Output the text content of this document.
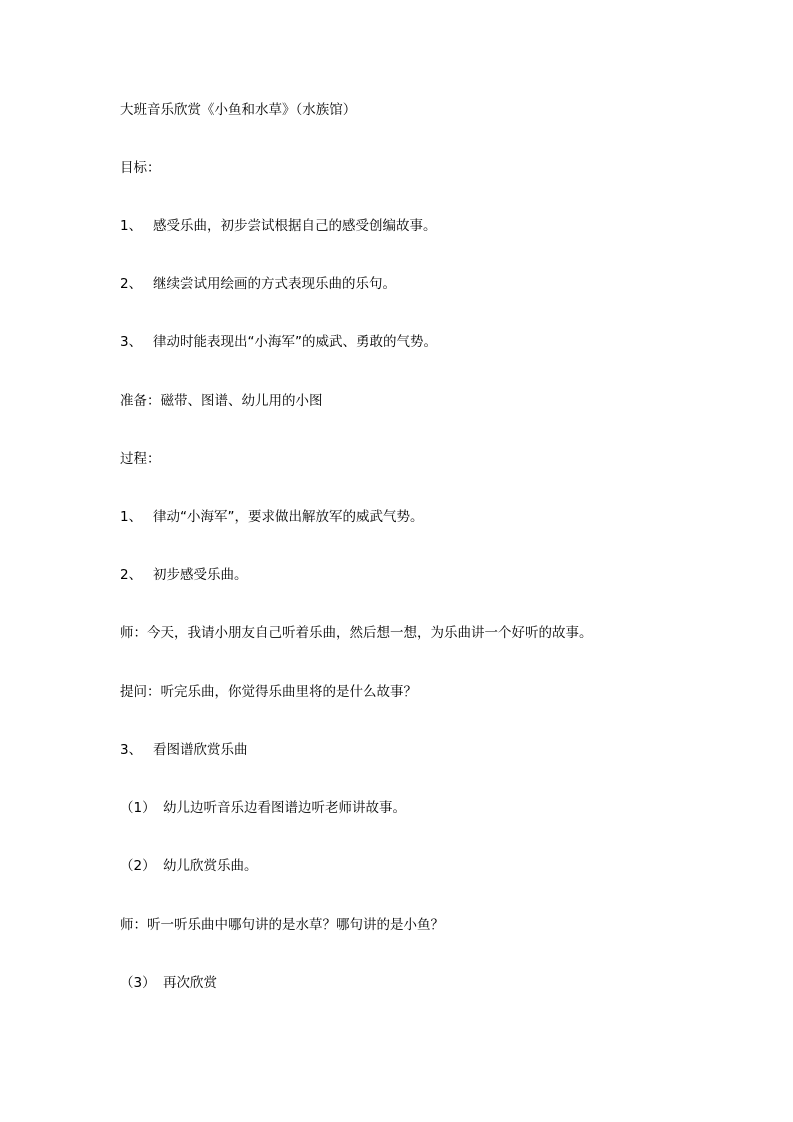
大班音乐欣赏《小鱼和水草》（水族馆）
目标：
1、 感受乐曲，初步尝试根据自己的感受创编故事。
2、 继续尝试用绘画的方式表现乐曲的乐句。
3、 律动时能表现出“小海军”的威武、勇敢的气势。
准备：磁带、图谱、幼儿用的小图
过程：
1、 律动“小海军”，要求做出解放军的威武气势。
2、 初步感受乐曲。
师：今天，我请小朋友自己听着乐曲，然后想一想，为乐曲讲一个好听的故事。
提问：听完乐曲，你觉得乐曲里将的是什么故事？
3、 看图谱欣赏乐曲
（1） 幼儿边听音乐边看图谱边听老师讲故事。
（2） 幼儿欣赏乐曲。
师：听一听乐曲中哪句讲的是水草？哪句讲的是小鱼？
（3） 再次欣赏
